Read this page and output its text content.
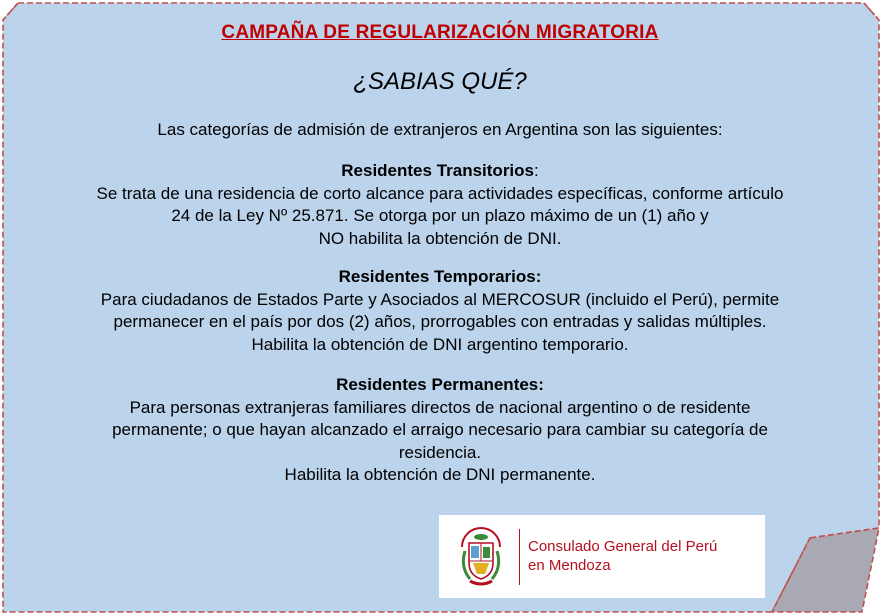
CAMPAÑA DE REGULARIZACIÓN MIGRATORIA
¿SABIAS QUÉ?
Las categorías de admisión de extranjeros en Argentina son las siguientes:
Residentes Transitorios:
Se trata de una residencia de corto alcance para actividades específicas, conforme artículo
24 de la Ley Nº 25.871. Se otorga por un plazo máximo de un (1) año y
NO habilita la obtención de DNI.
Residentes Temporarios:
Para ciudadanos de Estados Parte y Asociados al MERCOSUR (incluido el Perú), permite
permanecer en el país por dos (2) años, prorrogables con entradas y salidas múltiples.
Habilita la obtención de DNI argentino temporario.
Residentes Permanentes:
Para personas extranjeras familiares directos de nacional argentino o de residente
permanente; o que hayan alcanzado el arraigo necesario para cambiar su categoría de
residencia.
Habilita la obtención de DNI permanente.
Consulado General del Perú
en Mendoza
